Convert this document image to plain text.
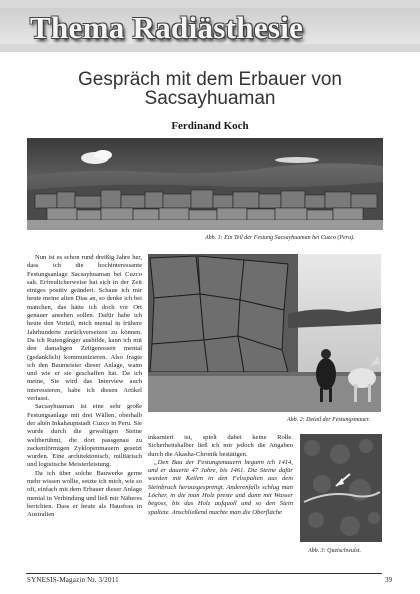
Thema Radiästhesie
Gespräch mit dem Erbauer von
Sacsayhuaman
Ferdinand Koch
Abb. 1: Ein Teil der Festung Sacsayhuaman bei Cuzco (Peru).
Abb. 2: Detail der Festungsmauer.
Abb. 3: Quetschwulst.

Nun ist es schon rund dreißig Jahre her, dass ich die hochinteressante Festungsanlage Sacsayhuaman bei Cuzco sah. Erfreulicherweise hat sich in der Zeit einiges positiv geändert. Schaue ich mir heute meine alten Dias an, so denke ich bei manchen, das hätte ich doch vor Ort genauer ansehen sollen. Dafür habe ich heute den Vorteil, mich mental in frühere Jahrhunderte zurückversetzen zu können. Da ich Rutengänger ausbilde, kann ich mit den damaligen Zeitgenossen mental (gedanklich) kommunizieren. Also fragte ich den Baumeister dieser Anlage, wann und wie er sie geschaffen hat. Da ich meine, Sie wird das Interview auch interessieren, habe ich diesen Artikel verfasst.

Sacsayhuaman ist eine sehr große Festungsanlage mit drei Wällen, oberhalb der alten Inkahauptstadt Cuzco in Peru. Sie wurde durch die gewaltigen Steine weltberühmt, die dort passgenau zu zackenförmigen Zyklopenmauern gesetzt wurden. Eine architektonisch, militärisch und logistische Meisterleistung.

Da ich über solche Bauwerke gerne mehr wissen wollte, setzte ich mich, wie so oft, einfach mit dem Erbauer dieser Anlage mental in Verbindung und ließ mir Näheres berichten. Dass er heute als Hausfrau in Australien

inkarniert ist, spielt dabei keine Rolle. Sicherheitshalber ließ ich mir jedoch die Angaben durch die Akasha-Chronik bestätigen.

„Den Bau der Festungsmauern begann ich 1414, und er dauerte 47 Jahre, bis 1461. Die Steine dafür wurden mit Keilen in den Felsspalten aus dem Steinbruch herausgesprengt. Anderenfalls schlug man Löcher, in die man Holz preste und dann mit Wasser begoss, bis das Holz aufquoll und so den Stein spaltete. Anschließend machte man die Oberfläche

SYNESIS-Magazin Nr. 3/2011	39
